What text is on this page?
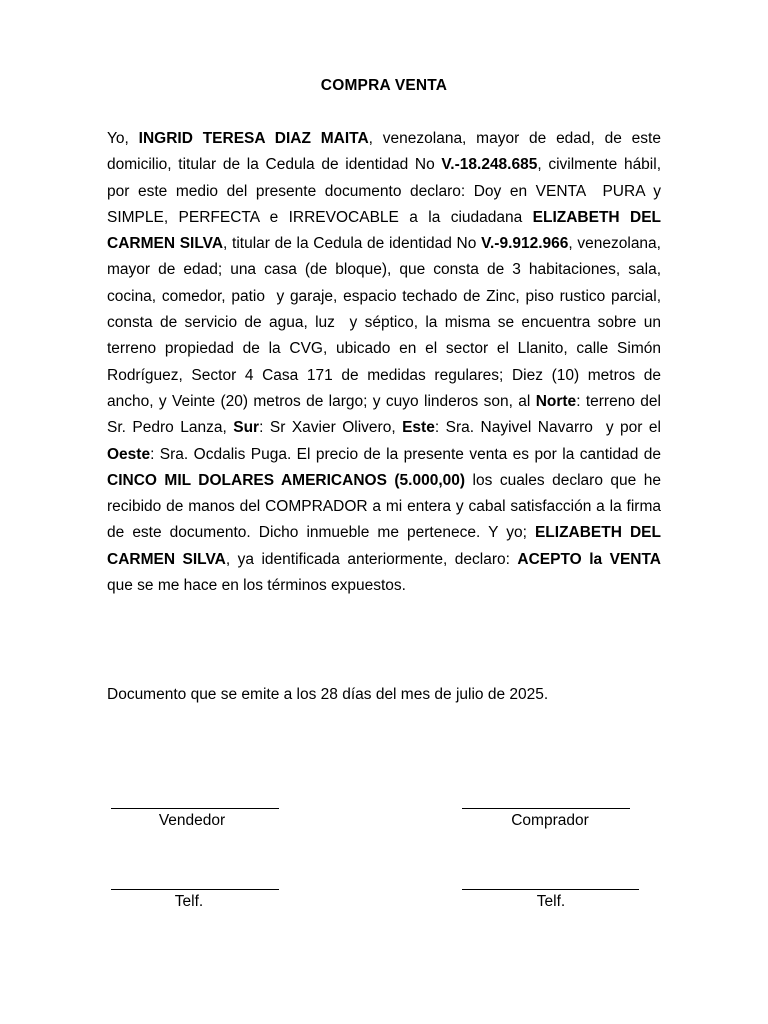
COMPRA VENTA

Yo, INGRID TERESA DIAZ MAITA, venezolana, mayor de edad, de este domicilio, titular de la Cedula de identidad No V.-18.248.685, civilmente hábil, por este medio del presente documento declaro: Doy en VENTA  PURA y SIMPLE, PERFECTA e IRREVOCABLE a la ciudadana ELIZABETH DEL CARMEN SILVA, titular de la Cedula de identidad No V.-9.912.966, venezolana, mayor de edad; una casa (de bloque), que consta de 3 habitaciones, sala, cocina, comedor, patio  y garaje, espacio techado de Zinc, piso rustico parcial, consta de servicio de agua, luz  y séptico, la misma se encuentra sobre un terreno propiedad de la CVG, ubicado en el sector el Llanito, calle Simón Rodríguez, Sector 4 Casa 171 de medidas regulares; Diez (10) metros de ancho, y Veinte (20) metros de largo; y cuyo linderos son, al Norte: terreno del Sr. Pedro Lanza, Sur: Sr Xavier Olivero, Este: Sra. Nayivel Navarro  y por el Oeste: Sra. Ocdalis Puga. El precio de la presente venta es por la cantidad de CINCO MIL DOLARES AMERICANOS (5.000,00) los cuales declaro que he recibido de manos del COMPRADOR a mi entera y cabal satisfacción a la firma de este documento. Dicho inmueble me pertenece. Y yo; ELIZABETH DEL CARMEN SILVA, ya identificada anteriormente, declaro: ACEPTO la VENTA que se me hace en los términos expuestos.

Documento que se emite a los 28 días del mes de julio de 2025.

Vendedor	Comprador
Telf.	Telf.
